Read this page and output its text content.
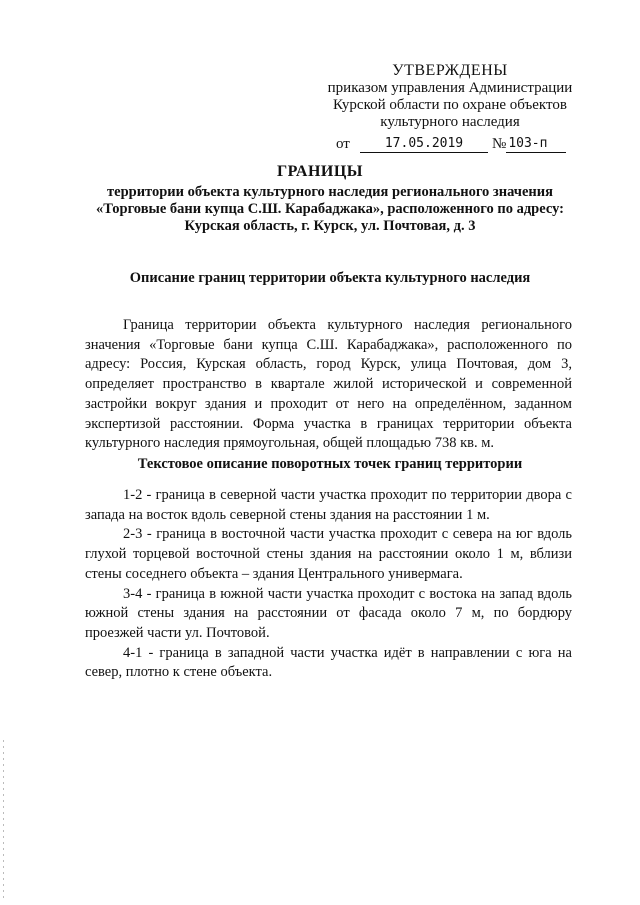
УТВЕРЖДЕНЫ
приказом управления Администрации
Курской области по охране объектов
культурного наследия
от	17.05.2019 № 103-п
ГРАНИЦЫ
территории объекта культурного наследия регионального значения «Торговые бани купца С.Ш. Карабаджака», расположенного по адресу: Курская область, г. Курск, ул. Почтовая, д. 3
Описание границ территории объекта культурного наследия
Граница территории объекта культурного наследия регионального значения «Торговые бани купца С.Ш. Карабаджака», расположенного по адресу: Россия, Курская область, город Курск, улица Почтовая, дом 3, определяет пространство в квартале жилой исторической и современной застройки вокруг здания и проходит от него на определённом, заданном экспертизой расстоянии. Форма участка в границах территории объекта культурного наследия прямоугольная, общей площадью 738 кв. м.
Текстовое описание поворотных точек границ территории

1-2 - граница в северной части участка проходит по территории двора с запада на восток вдоль северной стены здания на расстоянии 1 м.

2-3 - граница в восточной части участка проходит с севера на юг вдоль глухой торцевой восточной стены здания на расстоянии около 1 м, вблизи стены соседнего объекта – здания Центрального универмага.

3-4 - граница в южной части участка проходит с востока на запад вдоль южной стены здания на расстоянии от фасада около 7 м, по бордюру проезжей части ул. Почтовой.

4-1 - граница в западной части участка идёт в направлении с юга на север, плотно к стене объекта.
